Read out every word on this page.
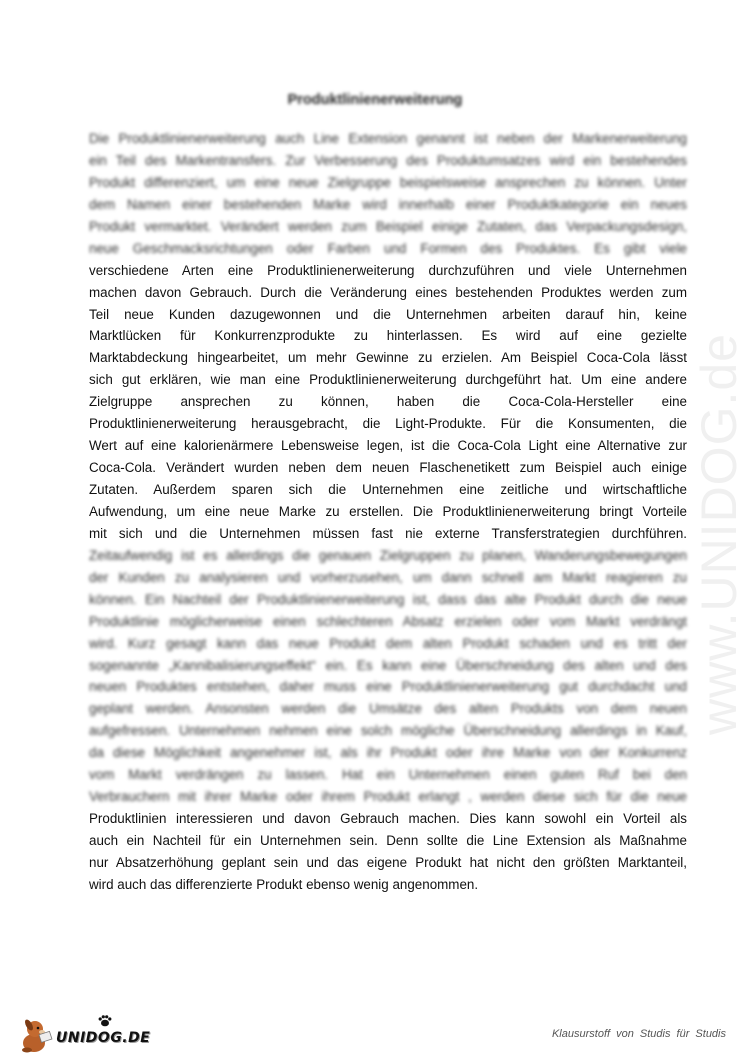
www.UNIDOG.de
Produktlinienerweiterung
Die Produktlinienerweiterung auch Line Extension genannt ist neben der Markenerweiterung
ein Teil des Markentransfers. Zur Verbesserung des Produktumsatzes wird ein bestehendes
Produkt differenziert, um eine neue Zielgruppe beispielsweise ansprechen zu können. Unter
dem Namen einer bestehenden Marke wird innerhalb einer Produktkategorie ein neues
Produkt vermarktet. Verändert werden zum Beispiel einige Zutaten, das Verpackungsdesign,
neue Geschmacksrichtungen oder Farben und Formen des Produktes. Es gibt viele
verschiedene Arten eine Produktlinienerweiterung durchzuführen und viele Unternehmen
machen davon Gebrauch. Durch die Veränderung eines bestehenden Produktes werden zum
Teil neue Kunden dazugewonnen und die Unternehmen arbeiten darauf hin, keine
Marktlücken für Konkurrenzprodukte zu hinterlassen. Es wird auf eine gezielte
Marktabdeckung hingearbeitet, um mehr Gewinne zu erzielen. Am Beispiel Coca-Cola lässt
sich gut erklären, wie man eine Produktlinienerweiterung durchgeführt hat. Um eine andere
Zielgruppe ansprechen zu können, haben die Coca-Cola-Hersteller eine
Produktlinienerweiterung herausgebracht, die Light-Produkte. Für die Konsumenten, die
Wert auf eine kalorienärmere Lebensweise legen, ist die Coca-Cola Light eine Alternative zur
Coca-Cola. Verändert wurden neben dem neuen Flaschenetikett zum Beispiel auch einige
Zutaten. Außerdem sparen sich die Unternehmen eine zeitliche und wirtschaftliche
Aufwendung, um eine neue Marke zu erstellen. Die Produktlinienerweiterung bringt Vorteile
mit sich und die Unternehmen müssen fast nie externe Transferstrategien durchführen.
Zeitaufwendig ist es allerdings die genauen Zielgruppen zu planen, Wanderungsbewegungen
der Kunden zu analysieren und vorherzusehen, um dann schnell am Markt reagieren zu
können. Ein Nachteil der Produktlinienerweiterung ist, dass das alte Produkt durch die neue
Produktlinie möglicherweise einen schlechteren Absatz erzielen oder vom Markt verdrängt
wird. Kurz gesagt kann das neue Produkt dem alten Produkt schaden und es tritt der
sogenannte „Kannibalisierungseffekt“ ein. Es kann eine Überschneidung des alten und des
neuen Produktes entstehen, daher muss eine Produktlinienerweiterung gut durchdacht und
geplant werden. Ansonsten werden die Umsätze des alten Produkts von dem neuen
aufgefressen. Unternehmen nehmen eine solch mögliche Überschneidung allerdings in Kauf,
da diese Möglichkeit angenehmer ist, als ihr Produkt oder ihre Marke von der Konkurrenz
vom Markt verdrängen zu lassen. Hat ein Unternehmen einen guten Ruf bei den
Verbrauchern mit ihrer Marke oder ihrem Produkt erlangt , werden diese sich für die neue
Produktlinien interessieren und davon Gebrauch machen. Dies kann sowohl ein Vorteil als
auch ein Nachteil für ein Unternehmen sein. Denn sollte die Line Extension als Maßnahme
nur Absatzerhöhung geplant sein und das eigene Produkt hat nicht den größten Marktanteil,
wird auch das differenzierte Produkt ebenso wenig angenommen.
UNIDOG.DE	Klausurstoff von Studis für Studis
